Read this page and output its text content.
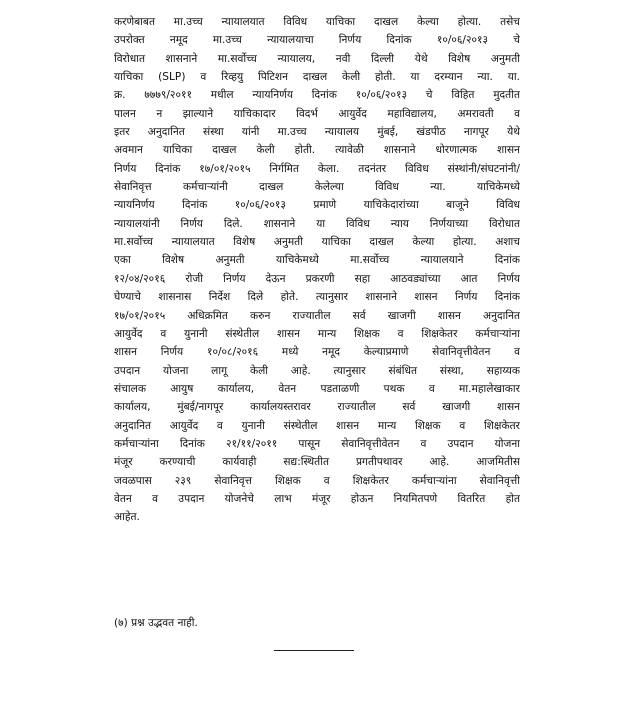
करणेबाबत मा.उच्च न्यायालयात विविध याचिका दाखल केल्या होत्या. तसेच
उपरोक्त नमूद मा.उच्च न्यायालयाचा निर्णय दिनांक १०/०६/२०१३ चे
विरोधात शासनाने मा.सर्वोच्च न्यायालय, नवी दिल्ली येथे विशेष अनुमती
याचिका (SLP) व रिव्हयु पिटिशन दाखल केली होती. या दरम्यान न्या. या.
क्र. ७७७९/२०११ मधील न्यायनिर्णय दिनांक १०/०६/२०१३ चे विहित मुदतीत
पालन न झाल्याने याचिकादार विदर्भ आयुर्वेद महाविद्यालय, अमरावती व
इतर अनुदानित संस्था यांनी मा.उच्च न्यायालय मुंबई, खंडपीठ नागपूर येथे
अवमान याचिका दाखल केली होती. त्यावेळी शासनाने धोरणात्मक शासन
निर्णय दिनांक १७/०१/२०१५ निर्गमित केला. तदनंतर विविध संस्थांनी/संघटनांनी/
सेवानिवृत्त कर्मचाऱ्यांनी दाखल केलेल्या विविध न्या. याचिकेमध्ये
न्यायनिर्णय दिनांक १०/०६/२०१३ प्रमाणे याचिकेदारांच्या बाजूने विविध
न्यायालयांनी निर्णय दिले. शासनाने या विविध न्याय निर्णयाच्या विरोधात
मा.सर्वोच्च न्यायालयात विशेष अनुमती याचिका दाखल केल्या होत्या. अशाच
एका विशेष अनुमती याचिकेमध्ये मा.सर्वोच्च न्यायालयाने दिनांक
१२/०४/२०१६ रोजी निर्णय देऊन प्रकरणी सहा आठवड्यांच्या आत निर्णय
घेण्याचे शासनास निर्देश दिले होते. त्यानुसार शासनाने शासन निर्णय दिनांक
१७/०१/२०१५ अधिक्रमित करुन राज्यातील सर्व खाजगी शासन अनुदानित
आयुर्वेद व युनानी संस्थेतील शासन मान्य शिक्षक व शिक्षकेतर कर्मचाऱ्यांना
शासन निर्णय १०/०८/२०१६ मध्ये नमूद केल्याप्रमाणे सेवानिवृत्तीवेतन व
उपदान योजना लागू केली आहे. त्यानुसार संबंधित संस्था, सहाय्यक
संचालक आयुष कार्यालय, वेतन पडताळणी पथक व मा.महालेखाकार
कार्यालय, मुंबई/नागपूर कार्यालयस्तरावर राज्यातील सर्व खाजगी शासन
अनुदानित आयुर्वेद व युनानी संस्थेतील शासन मान्य शिक्षक व शिक्षकेतर
कर्मचाऱ्यांना दिनांक २१/११/२०११ पासून सेवानिवृत्तीवेतन व उपदान योजना
मंजूर करण्याची कार्यवाही सद्य:स्थितीत प्रगतीपथावर आहे. आजमितीस
जवळपास २३९ सेवानिवृत्त शिक्षक व शिक्षकेतर कर्मचाऱ्यांना सेवानिवृत्ती
वेतन व उपदान योजनेचे लाभ मंजूर होऊन नियमितपणे वितरित होत
आहेत.
(७) प्रश्न उद्भवत नाही.
